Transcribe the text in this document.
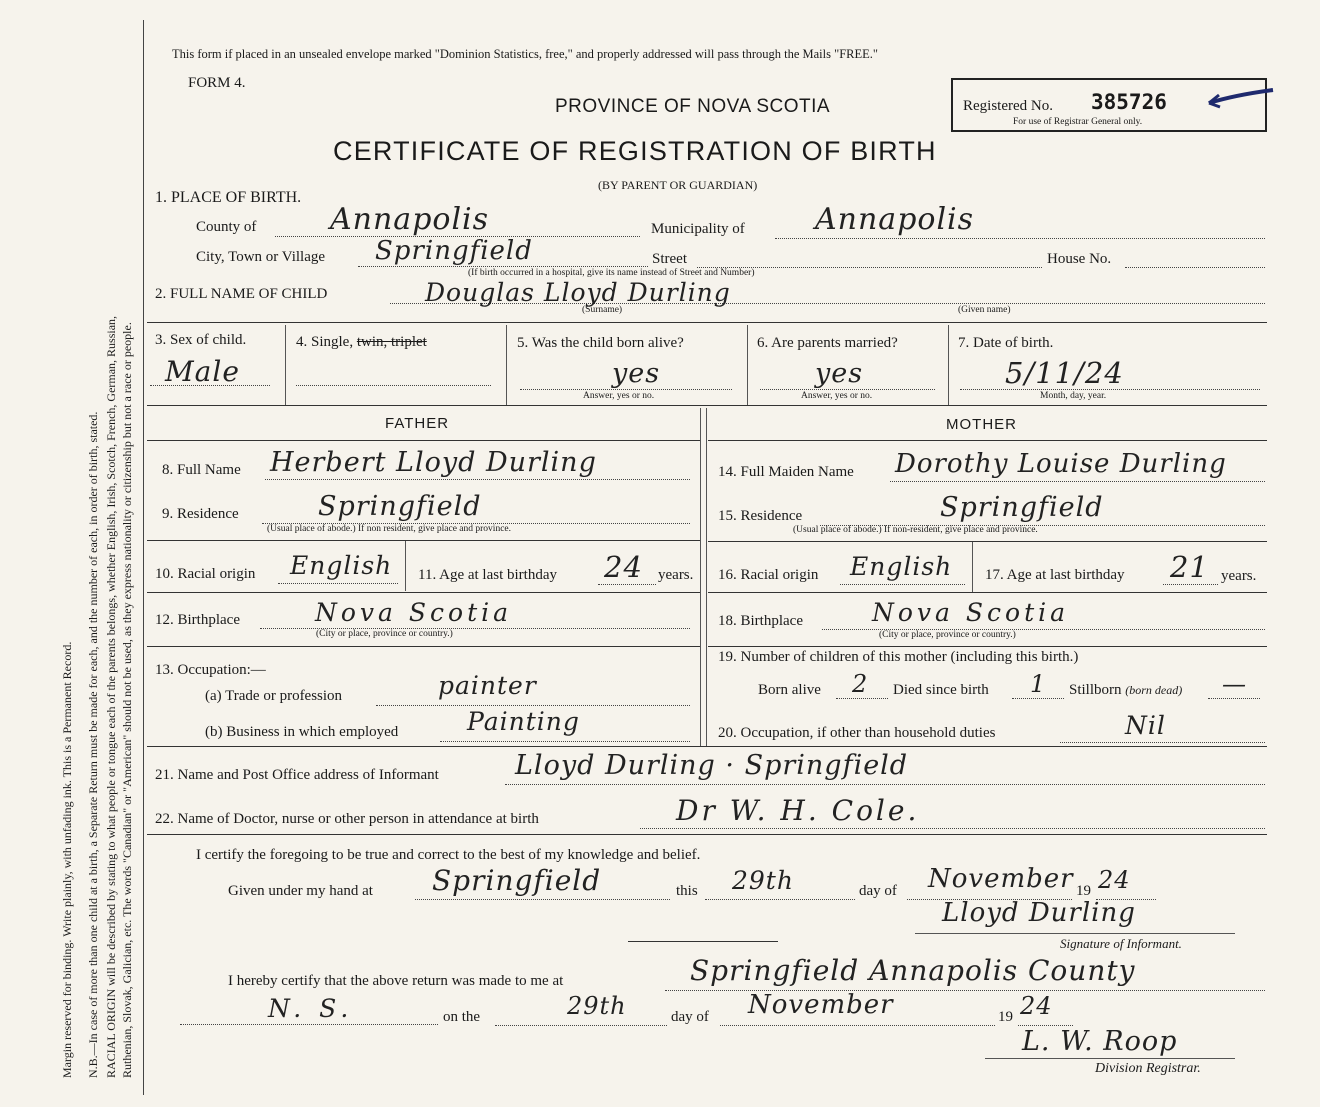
Margin reserved for binding. Write plainly, with unfading ink. This is a Permanent Record. N.B.—In case of more than one child at a birth, a Separate Return must be made for each, and the number of each, in order of birth, stated. RACIAL ORIGIN will be described by stating to what people or tongue each of the parents belongs, whether English, Irish, Scotch, French, German, Russian, Ruthenian, Slovak, Galician, etc. The words "Canadian" or "American" should not be used, as they express nationality or citizenship but not a race or people.
This form if placed in an unsealed envelope marked "Dominion Statistics, free," and properly addressed will pass through the Mails "FREE."
FORM 4.
PROVINCE OF NOVA SCOTIA
CERTIFICATE OF REGISTRATION OF BIRTH
(BY PARENT OR GUARDIAN)
Registered No. 385726
For use of Registrar General only.
1. PLACE OF BIRTH.
County of Annapolis	Municipality of Annapolis
City, Town or Village Springfield	Street	House No.
(If birth occurred in a hospital, give its name instead of Street and Number)
2. FULL NAME OF CHILD	Douglas Lloyd Durling
(Surname)	(Given name)
3. Sex of child.
Male
4. Single, twin, triplet	5. Was the child born alive?
yes
Answer, yes or no.
6. Are parents married?
yes
Answer, yes or no.
7. Date of birth.
5/11/24
Month, day, year.
FATHER	MOTHER
8. Full Name Herbert Lloyd Durling
9. Residence	Springfield
(Usual place of abode.) If non resident, give place and province.
10. Racial origin English 11. Age at last birthday 24 years.
12. Birthplace	Nova Scotia
(City or place, province or country.)
13. Occupation:—
(a) Trade or profession	painter
(b) Business in which employed	Painting
14. Full Maiden Name Dorothy Louise Durling
15. Residence	Springfield
(Usual place of abode.) If non-resident, give place and province.
16. Racial origin English 17. Age at last birthday 21 years.
18. Birthplace	Nova Scotia
(City or place, province or country.)
19. Number of children of this mother (including this birth.)
Born alive 2 Died since birth 1 Stillborn (born dead) —
20. Occupation, if other than household duties	Nil
21. Name and Post Office address of Informant	Lloyd Durling · Springfield
22. Name of Doctor, nurse or other person in attendance at birth	Dr W. H. Cole.
I certify the foregoing to be true and correct to the best of my knowledge and belief.
Given under my hand at Springfield	this 29th	day of November 19 24
Lloyd Durling
Signature of Informant.
I hereby certify that the above return was made to me at	Springfield Annapolis County
N. S.	on the	29th	day of November	19 24
L. W. Roop
Division Registrar.
